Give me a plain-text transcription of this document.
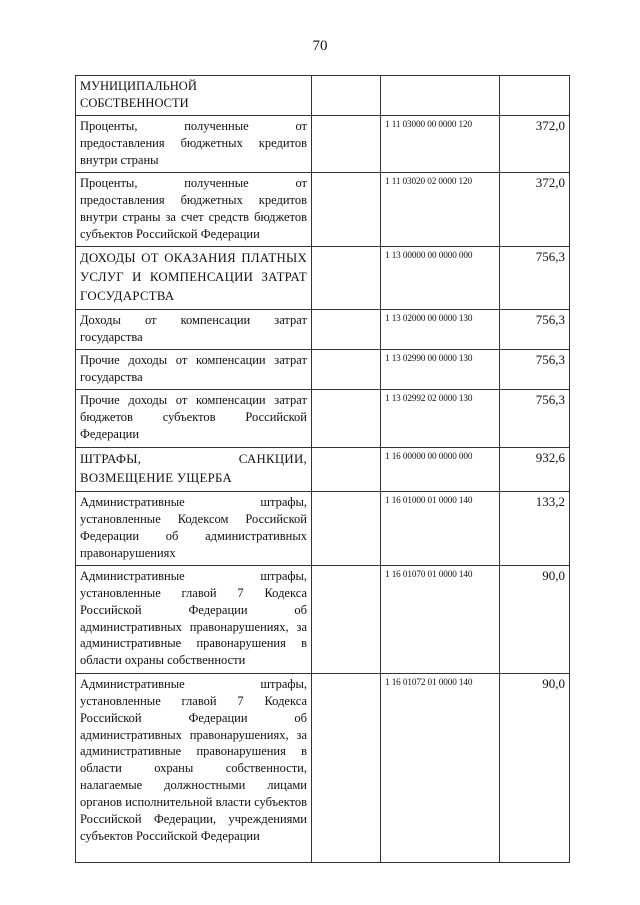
70
МУНИЦИПАЛЬНОЙ СОБСТВЕННОСТИ			
Проценты, полученные от предоставления бюджетных кредитов внутри страны		1 11 03000 00 0000 120	372,0
Проценты, полученные от предоставления бюджетных кредитов внутри страны за счет средств бюджетов субъектов Российской Федерации		1 11 03020 02 0000 120	372,0
ДОХОДЫ ОТ ОКАЗАНИЯ ПЛАТНЫХ УСЛУГ И КОМПЕНСАЦИИ ЗАТРАТ ГОСУДАРСТВА		1 13 00000 00 0000 000	756,3
Доходы от компенсации затрат государства		1 13 02000 00 0000 130	756,3
Прочие доходы от компенсации затрат государства		1 13 02990 00 0000 130	756,3
Прочие доходы от компенсации затрат бюджетов субъектов Российской Федерации		1 13 02992 02 0000 130	756,3
ШТРАФЫ, САНКЦИИ, ВОЗМЕЩЕНИЕ УЩЕРБА		1 16 00000 00 0000 000	932,6
Административные штрафы, установленные Кодексом Российской Федерации об административных правонарушениях		1 16 01000 01 0000 140	133,2
Административные штрафы, установленные главой 7 Кодекса Российской Федерации об административных правонарушениях, за административные правонарушения в области охраны собственности		1 16 01070 01 0000 140	90,0
Административные штрафы, установленные главой 7 Кодекса Российской Федерации об административных правонарушениях, за административные правонарушения в области охраны собственности, налагаемые должностными лицами органов исполнительной власти субъектов Российской Федерации, учреждениями субъектов Российской Федерации		1 16 01072 01 0000 140	90,0
